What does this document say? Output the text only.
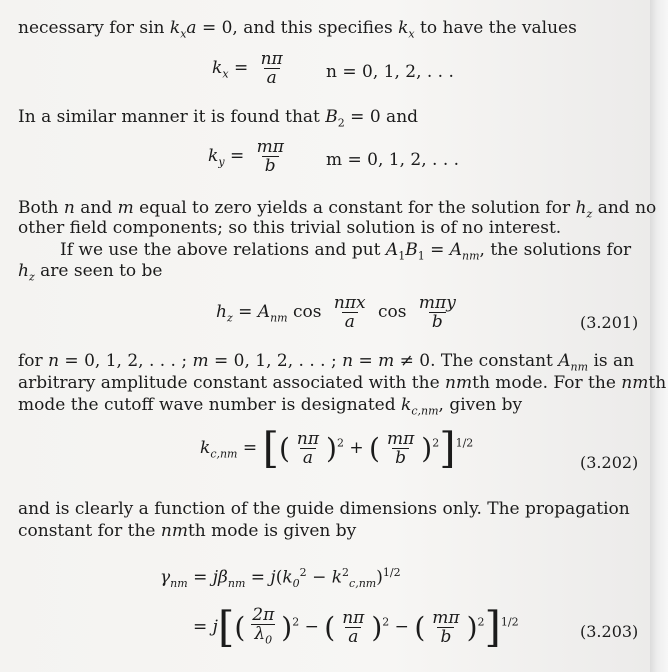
necessary for $\sin k_xa = 0$, and this specifies $k_x$ to have the values
$k_x = \frac{n\pi}{a}$ n = 0, 1, 2, . . .
In a similar manner it is found that $B_2 = 0$ and
$k_y = \frac{m\pi}{b}$ m = 0, 1, 2, . . .
Both n and m equal to zero yields a constant for the solution for $h_z$ and no
other field components; so this trivial solution is of no interest.
If we use the above relations and put $A_1B_1 = A_{nm}$, the solutions for
$h_z$ are seen to be
$h_z = A_{nm}$ $\cos \frac{\text{nπx}}{a}$ $\cos \frac{\text{mπy}}{b}$	(3.201)
for n = 0, 1, 2, . . . ; m = 0, 1, 2, . . . ; n = m ≠ 0. The constant $A_{nm}$ is an
arbitrary amplitude constant associated with the nmth mode. For the nmth
mode the cutoff wave number is designated $k_{c,nm}$, given by
$k_{c,nm}$ = [( $\frac{n\pi}{a} )^2$ + ( $\frac{m\pi}{b} )^2]^{1/2}$
(3.202)
and is clearly a function of the guide dimensions only. The propagation
constant for the nmth mode is given by
$\gamma_{nm} = j\beta_{nm} = j(k_0^2 - k^2_{c,nm})^{1/2}$
= $j[( \frac{2\pi}{\lambda_0} )^2$ − ( $\frac{n\pi}{a} )^2$ − ( $\frac{m\pi}{b} )^2]^{1/2}$	(3.203)
